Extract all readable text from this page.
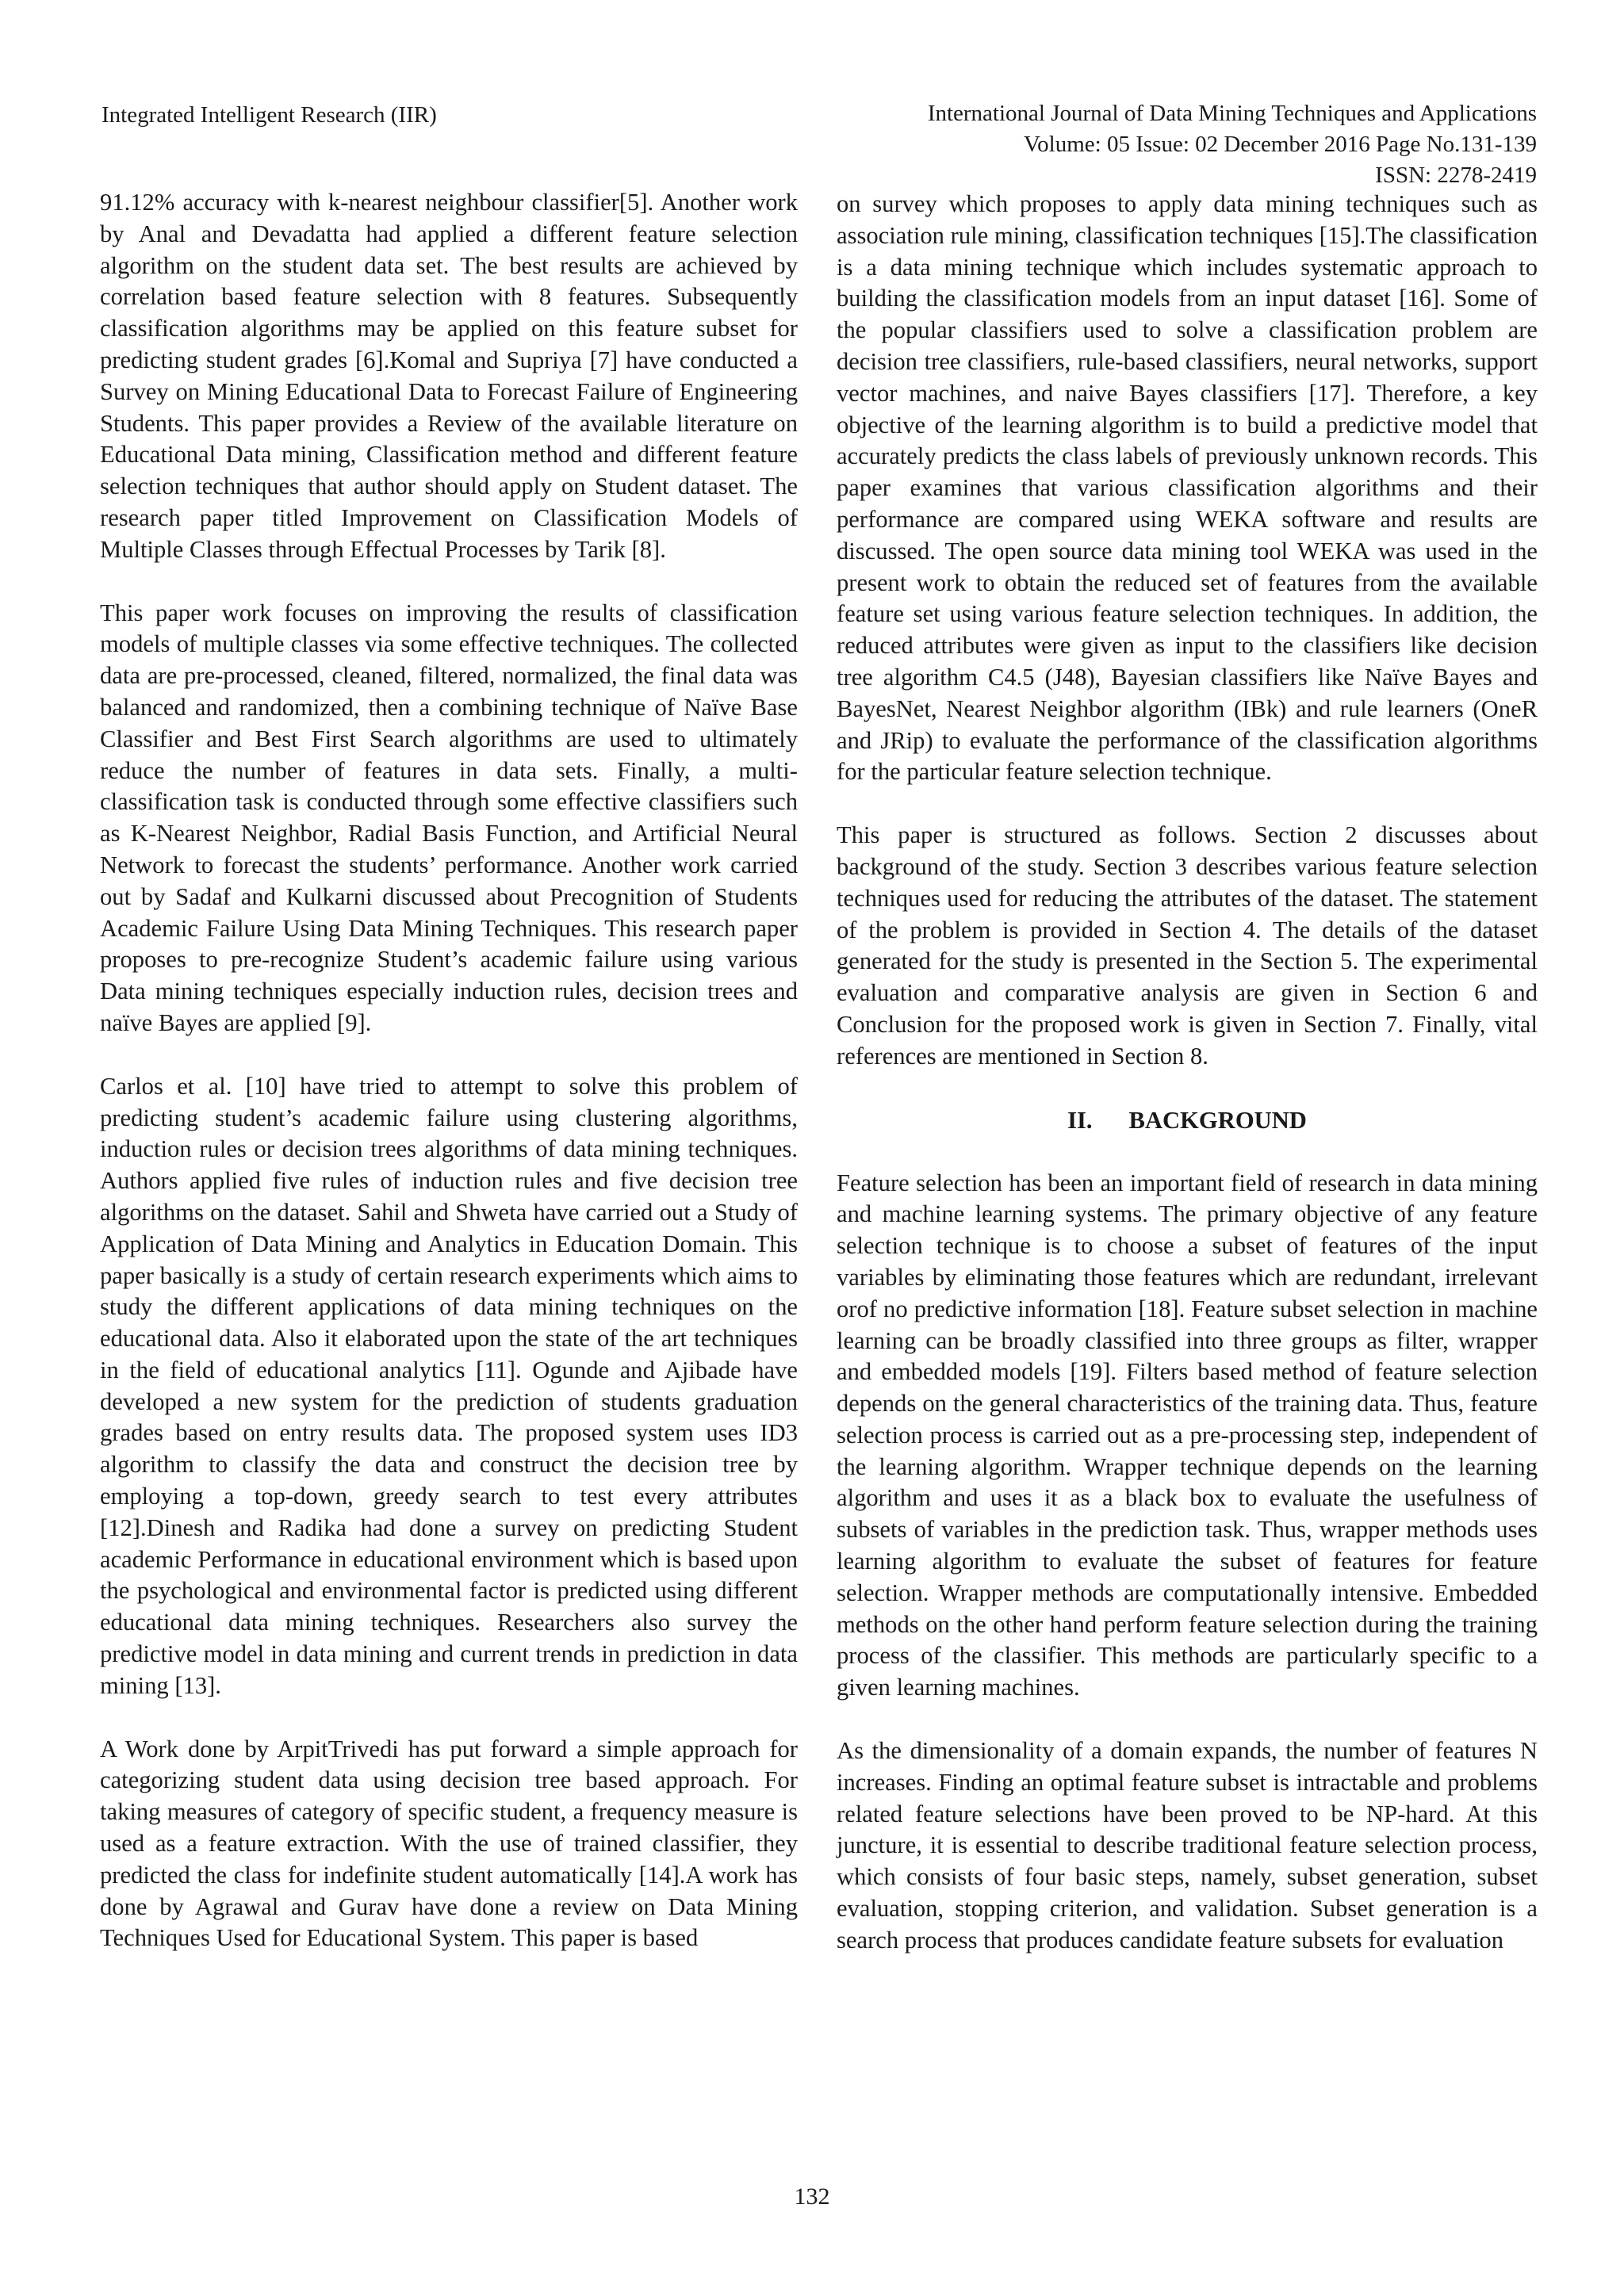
Integrated Intelligent Research (IIR)	International Journal of Data Mining Techniques and Applications
Volume: 05 Issue: 02 December 2016 Page No.131-139
ISSN: 2278-2419

91.12% accuracy with k-nearest neighbour classifier[5]. Another work by Anal and Devadatta had applied a different feature selection algorithm on the student data set. The best results are achieved by correlation based feature selection with 8 features. Subsequently classification algorithms may be applied on this feature subset for predicting student grades [6].Komal and Supriya [7] have conducted a Survey on Mining Educational Data to Forecast Failure of Engineering Students. This paper provides a Review of the available literature on Educational Data mining, Classification method and different feature selection techniques that author should apply on Student dataset. The research paper titled Improvement on Classification Models of Multiple Classes through Effectual Processes by Tarik [8].

This paper work focuses on improving the results of classification models of multiple classes via some effective techniques. The collected data are pre-processed, cleaned, filtered, normalized, the final data was balanced and randomized, then a combining technique of Naïve Base Classifier and Best First Search algorithms are used to ultimately reduce the number of features in data sets. Finally, a multi-classification task is conducted through some effective classifiers such as K-Nearest Neighbor, Radial Basis Function, and Artificial Neural Network to forecast the students’ performance. Another work carried out by Sadaf and Kulkarni discussed about Precognition of Students Academic Failure Using Data Mining Techniques. This research paper proposes to pre-recognize Student’s academic failure using various Data mining techniques especially induction rules, decision trees and naïve Bayes are applied [9].

Carlos et al. [10] have tried to attempt to solve this problem of predicting student’s academic failure using clustering algorithms, induction rules or decision trees algorithms of data mining techniques. Authors applied five rules of induction rules and five decision tree algorithms on the dataset. Sahil and Shweta have carried out a Study of Application of Data Mining and Analytics in Education Domain. This paper basically is a study of certain research experiments which aims to study the different applications of data mining techniques on the educational data. Also it elaborated upon the state of the art techniques in the field of educational analytics [11]. Ogunde and Ajibade have developed a new system for the prediction of students graduation grades based on entry results data. The proposed system uses ID3 algorithm to classify the data and construct the decision tree by employing a top-down, greedy search to test every attributes [12].Dinesh and Radika had done a survey on predicting Student academic Performance in educational environment which is based upon the psychological and environmental factor is predicted using different educational data mining techniques. Researchers also survey the predictive model in data mining and current trends in prediction in data mining [13].

A Work done by ArpitTrivedi has put forward a simple approach for categorizing student data using decision tree based approach. For taking measures of category of specific student, a frequency measure is used as a feature extraction. With the use of trained classifier, they predicted the class for indefinite student automatically [14].A work has done by Agrawal and Gurav have done a review on Data Mining Techniques Used for Educational System. This paper is based

on survey which proposes to apply data mining techniques such as association rule mining, classification techniques [15].The classification is a data mining technique which includes systematic approach to building the classification models from an input dataset [16]. Some of the popular classifiers used to solve a classification problem are decision tree classifiers, rule-based classifiers, neural networks, support vector machines, and naive Bayes classifiers [17]. Therefore, a key objective of the learning algorithm is to build a predictive model that accurately predicts the class labels of previously unknown records. This paper examines that various classification algorithms and their performance are compared using WEKA software and results are discussed. The open source data mining tool WEKA was used in the present work to obtain the reduced set of features from the available feature set using various feature selection techniques. In addition, the reduced attributes were given as input to the classifiers like decision tree algorithm C4.5 (J48), Bayesian classifiers like Naïve Bayes and BayesNet, Nearest Neighbor algorithm (IBk) and rule learners (OneR and JRip) to evaluate the performance of the classification algorithms for the particular feature selection technique.

This paper is structured as follows. Section 2 discusses about background of the study. Section 3 describes various feature selection techniques used for reducing the attributes of the dataset. The statement of the problem is provided in Section 4. The details of the dataset generated for the study is presented in the Section 5. The experimental evaluation and comparative analysis are given in Section 6 and Conclusion for the proposed work is given in Section 7. Finally, vital references are mentioned in Section 8.

II. BACKGROUND

Feature selection has been an important field of research in data mining and machine learning systems. The primary objective of any feature selection technique is to choose a subset of features of the input variables by eliminating those features which are redundant, irrelevant orof no predictive information [18]. Feature subset selection in machine learning can be broadly classified into three groups as filter, wrapper and embedded models [19]. Filters based method of feature selection depends on the general characteristics of the training data. Thus, feature selection process is carried out as a pre-processing step, independent of the learning algorithm. Wrapper technique depends on the learning algorithm and uses it as a black box to evaluate the usefulness of subsets of variables in the prediction task. Thus, wrapper methods uses learning algorithm to evaluate the subset of features for feature selection. Wrapper methods are computationally intensive. Embedded methods on the other hand perform feature selection during the training process of the classifier. This methods are particularly specific to a given learning machines.

As the dimensionality of a domain expands, the number of features N increases. Finding an optimal feature subset is intractable and problems related feature selections have been proved to be NP-hard. At this juncture, it is essential to describe traditional feature selection process, which consists of four basic steps, namely, subset generation, subset evaluation, stopping criterion, and validation. Subset generation is a search process that produces candidate feature subsets for evaluation

132
